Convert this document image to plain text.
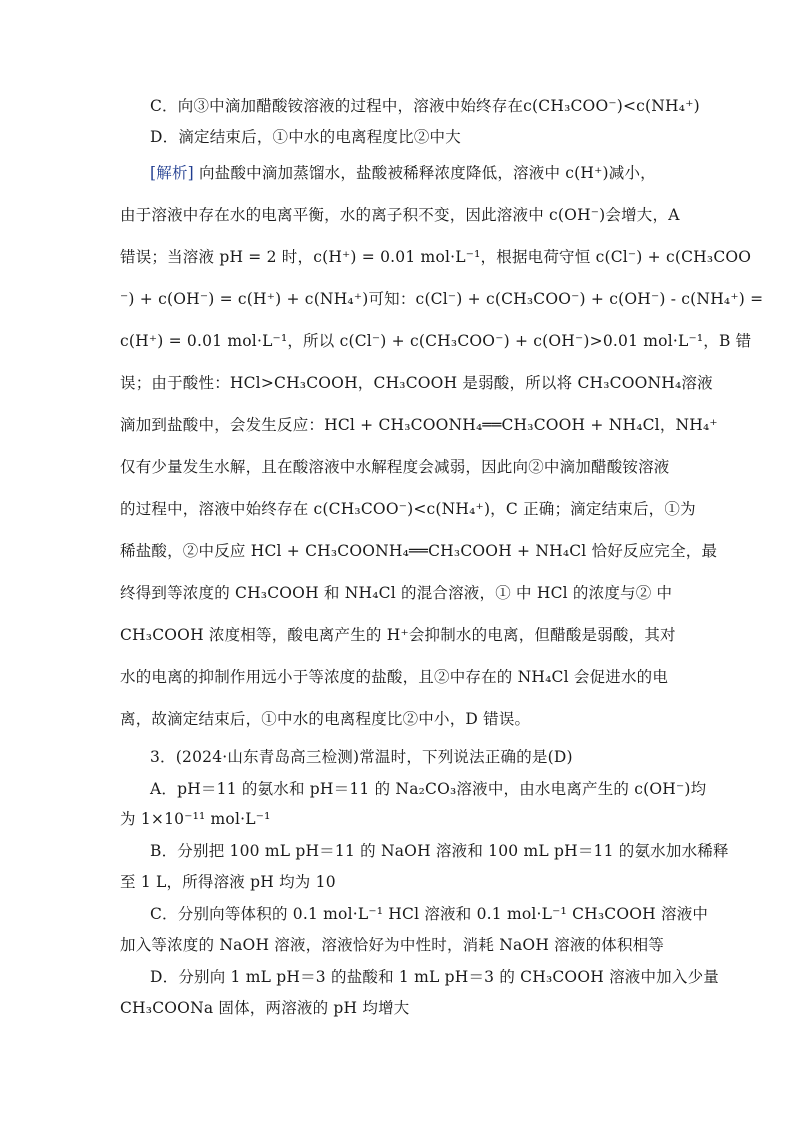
C．向③中滴加醋酸铵溶液的过程中，溶液中始终存在c(CH₃COO⁻)<c(NH₄⁺)
D．滴定结束后，①中水的电离程度比②中大
[解析] 向盐酸中滴加蒸馏水，盐酸被稀释浓度降低，溶液中 c(H⁺)减小，
由于溶液中存在水的电离平衡，水的离子积不变，因此溶液中 c(OH⁻)会增大，A
错误；当溶液 pH = 2 时，c(H⁺) = 0.01 mol·L⁻¹，根据电荷守恒 c(Cl⁻) + c(CH₃COO
⁻) + c(OH⁻) = c(H⁺) + c(NH₄⁺)可知：c(Cl⁻) + c(CH₃COO⁻) + c(OH⁻) - c(NH₄⁺) =
c(H⁺) = 0.01 mol·L⁻¹，所以 c(Cl⁻) + c(CH₃COO⁻) + c(OH⁻)>0.01 mol·L⁻¹，B 错
误；由于酸性：HCl>CH₃COOH，CH₃COOH 是弱酸，所以将 CH₃COONH₄溶液
滴加到盐酸中，会发生反应：HCl + CH₃COONH₄══CH₃COOH + NH₄Cl，NH₄⁺
仅有少量发生水解，且在酸溶液中水解程度会减弱，因此向②中滴加醋酸铵溶液
的过程中，溶液中始终存在 c(CH₃COO⁻)<c(NH₄⁺)，C 正确；滴定结束后，①为
稀盐酸，②中反应 HCl + CH₃COONH₄══CH₃COOH + NH₄Cl 恰好反应完全，最
终得到等浓度的 CH₃COOH 和 NH₄Cl 的混合溶液，① 中 HCl 的浓度与② 中
CH₃COOH 浓度相等，酸电离产生的 H⁺会抑制水的电离，但醋酸是弱酸，其对
水的电离的抑制作用远小于等浓度的盐酸，且②中存在的 NH₄Cl 会促进水的电
离，故滴定结束后，①中水的电离程度比②中小，D 错误。
3．(2024·山东青岛高三检测)常温时，下列说法正确的是(D)
A．pH＝11 的氨水和 pH＝11 的 Na₂CO₃溶液中，由水电离产生的 c(OH⁻)均
为 1×10⁻¹¹ mol·L⁻¹
B．分别把 100 mL pH＝11 的 NaOH 溶液和 100 mL pH＝11 的氨水加水稀释
至 1 L，所得溶液 pH 均为 10
C．分别向等体积的 0.1 mol·L⁻¹ HCl 溶液和 0.1 mol·L⁻¹ CH₃COOH 溶液中
加入等浓度的 NaOH 溶液，溶液恰好为中性时，消耗 NaOH 溶液的体积相等
D．分别向 1 mL pH＝3 的盐酸和 1 mL pH＝3 的 CH₃COOH 溶液中加入少量
CH₃COONa 固体，两溶液的 pH 均增大
